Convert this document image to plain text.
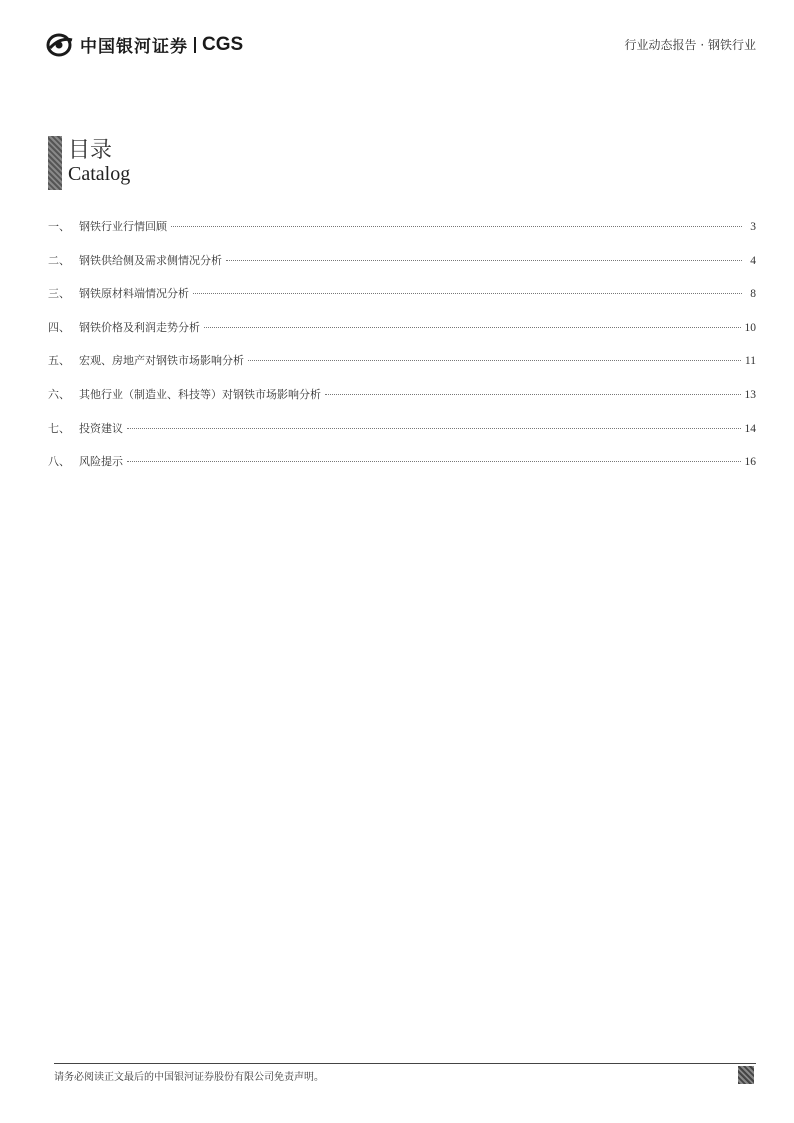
中国银河证券 CGS	行业动态报告 · 钢铁行业
目录
Catalog
一、 钢铁行业行情回顾	3
二、 钢铁供给侧及需求侧情况分析	4
三、 钢铁原材料端情况分析	8
四、 钢铁价格及利润走势分析	10
五、 宏观、房地产对钢铁市场影响分析	11
六、 其他行业（制造业、科技等）对钢铁市场影响分析	13
七、 投资建议	14
八、 风险提示	16
请务必阅读正文最后的中国银河证券股份有限公司免责声明。
